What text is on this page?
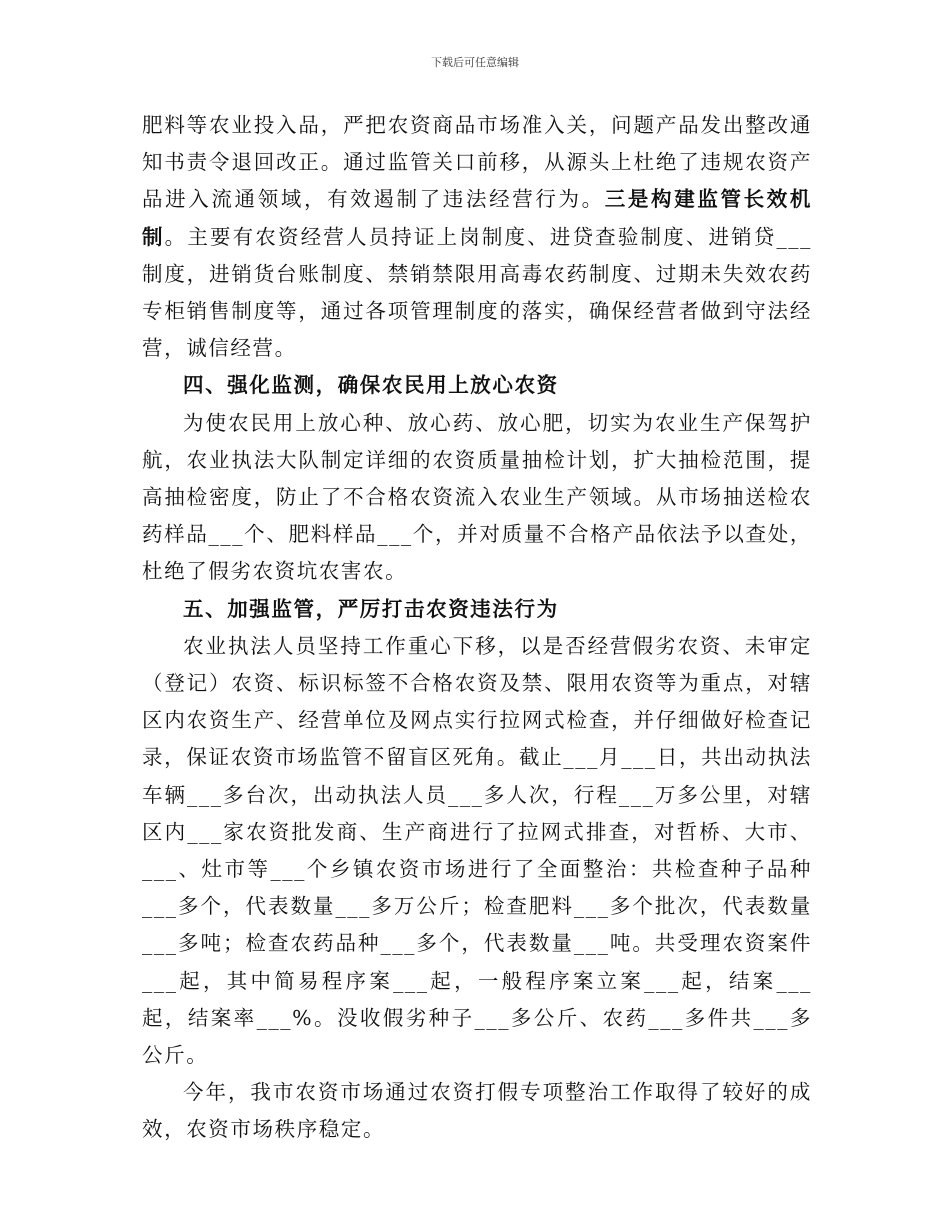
下载后可任意编辑

肥料等农业投入品，严把农资商品市场准入关，问题产品发出整改通知书责令退回改正。通过监管关口前移，从源头上杜绝了违规农资产品进入流通领域，有效遏制了违法经营行为。三是构建监管长效机制。主要有农资经营人员持证上岗制度、进贷查验制度、进销贷___制度，进销货台账制度、禁销禁限用高毒农药制度、过期未失效农药专柜销售制度等，通过各项管理制度的落实，确保经营者做到守法经营，诚信经营。

四、强化监测，确保农民用上放心农资

为使农民用上放心种、放心药、放心肥，切实为农业生产保驾护航，农业执法大队制定详细的农资质量抽检计划，扩大抽检范围，提高抽检密度，防止了不合格农资流入农业生产领域。从市场抽送检农药样品___个、肥料样品___个，并对质量不合格产品依法予以查处，杜绝了假劣农资坑农害农。

五、加强监管，严厉打击农资违法行为

农业执法人员坚持工作重心下移，以是否经营假劣农资、未审定（登记）农资、标识标签不合格农资及禁、限用农资等为重点，对辖区内农资生产、经营单位及网点实行拉网式检查，并仔细做好检查记录，保证农资市场监管不留盲区死角。截止___月___日，共出动执法车辆___多台次，出动执法人员___多人次，行程___万多公里，对辖区内___家农资批发商、生产商进行了拉网式排查，对哲桥、大市、___、灶市等___个乡镇农资市场进行了全面整治：共检查种子品种___多个，代表数量___多万公斤；检查肥料___多个批次，代表数量___多吨；检查农药品种___多个，代表数量___吨。共受理农资案件___起，其中简易程序案___起，一般程序案立案___起，结案___起，结案率___%。没收假劣种子___多公斤、农药___多件共___多公斤。

今年，我市农资市场通过农资打假专项整治工作取得了较好的成效，农资市场秩序稳定。
